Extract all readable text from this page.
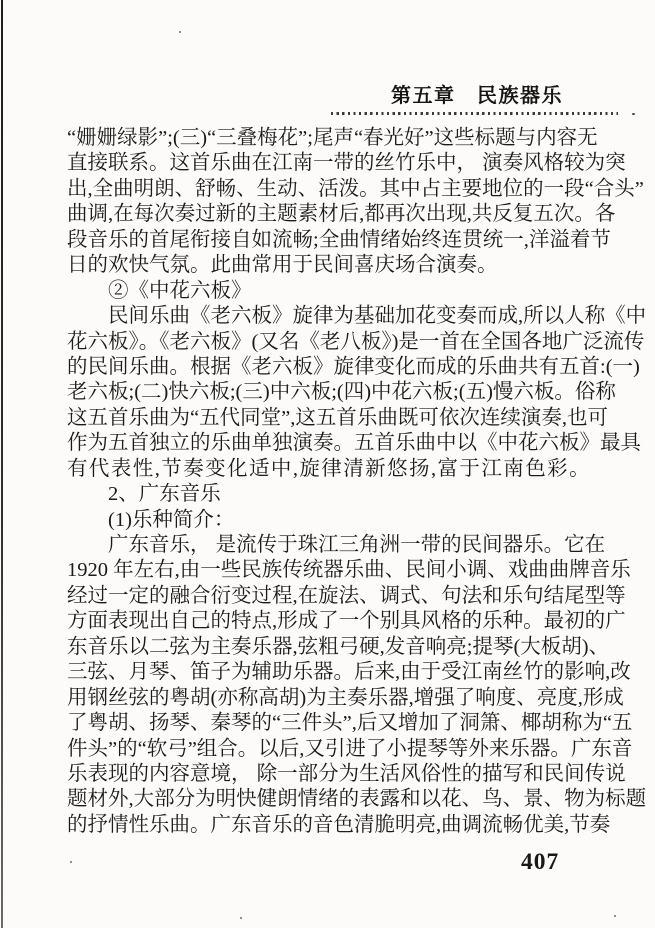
第五章　民族器乐
“姗姗绿影”;(三)“三叠梅花”;尾声“春光好”这些标题与内容无
直接联系。这首乐曲在江南一带的丝竹乐中， 演奏风格较为突
出,全曲明朗、舒畅、生动、活泼。其中占主要地位的一段“合头”
曲调,在每次奏过新的主题素材后,都再次出现,共反复五次。各
段音乐的首尾衔接自如流畅;全曲情绪始终连贯统一,洋溢着节
日的欢快气氛。此曲常用于民间喜庆场合演奏。
　　②《中花六板》
　　民间乐曲《老六板》旋律为基础加花变奏而成,所以人称《中
花六板》。《老六板》(又名《老八板》)是一首在全国各地广泛流传
的民间乐曲。根据《老六板》旋律变化而成的乐曲共有五首:(一)
老六板;(二)快六板;(三)中六板;(四)中花六板;(五)慢六板。俗称
这五首乐曲为“五代同堂”,这五首乐曲既可依次连续演奏,也可
作为五首独立的乐曲单独演奏。五首乐曲中以《中花六板》最具
有代表性,节奏变化适中,旋律清新悠扬,富于江南色彩。
　　2、广东音乐
　　(1)乐种简介：
　　广东音乐， 是流传于珠江三角洲一带的民间器乐。它在
1920 年左右,由一些民族传统器乐曲、民间小调、戏曲曲牌音乐
经过一定的融合衍变过程,在旋法、调式、句法和乐句结尾型等
方面表现出自己的特点,形成了一个别具风格的乐种。最初的广
东音乐以二弦为主奏乐器,弦粗弓硬,发音响亮;提琴(大板胡)、
三弦、月琴、笛子为辅助乐器。后来,由于受江南丝竹的影响,改
用钢丝弦的粤胡(亦称高胡)为主奏乐器,增强了响度、亮度,形成
了粤胡、扬琴、秦琴的“三件头”,后又增加了洞箫、椰胡称为“五
件头”的“软弓”组合。以后,又引进了小提琴等外来乐器。广东音
乐表现的内容意境， 除一部分为生活风俗性的描写和民间传说
题材外,大部分为明快健朗情绪的表露和以花、鸟、景、物为标题
的抒情性乐曲。广东音乐的音色清脆明亮,曲调流畅优美,节奏
407
